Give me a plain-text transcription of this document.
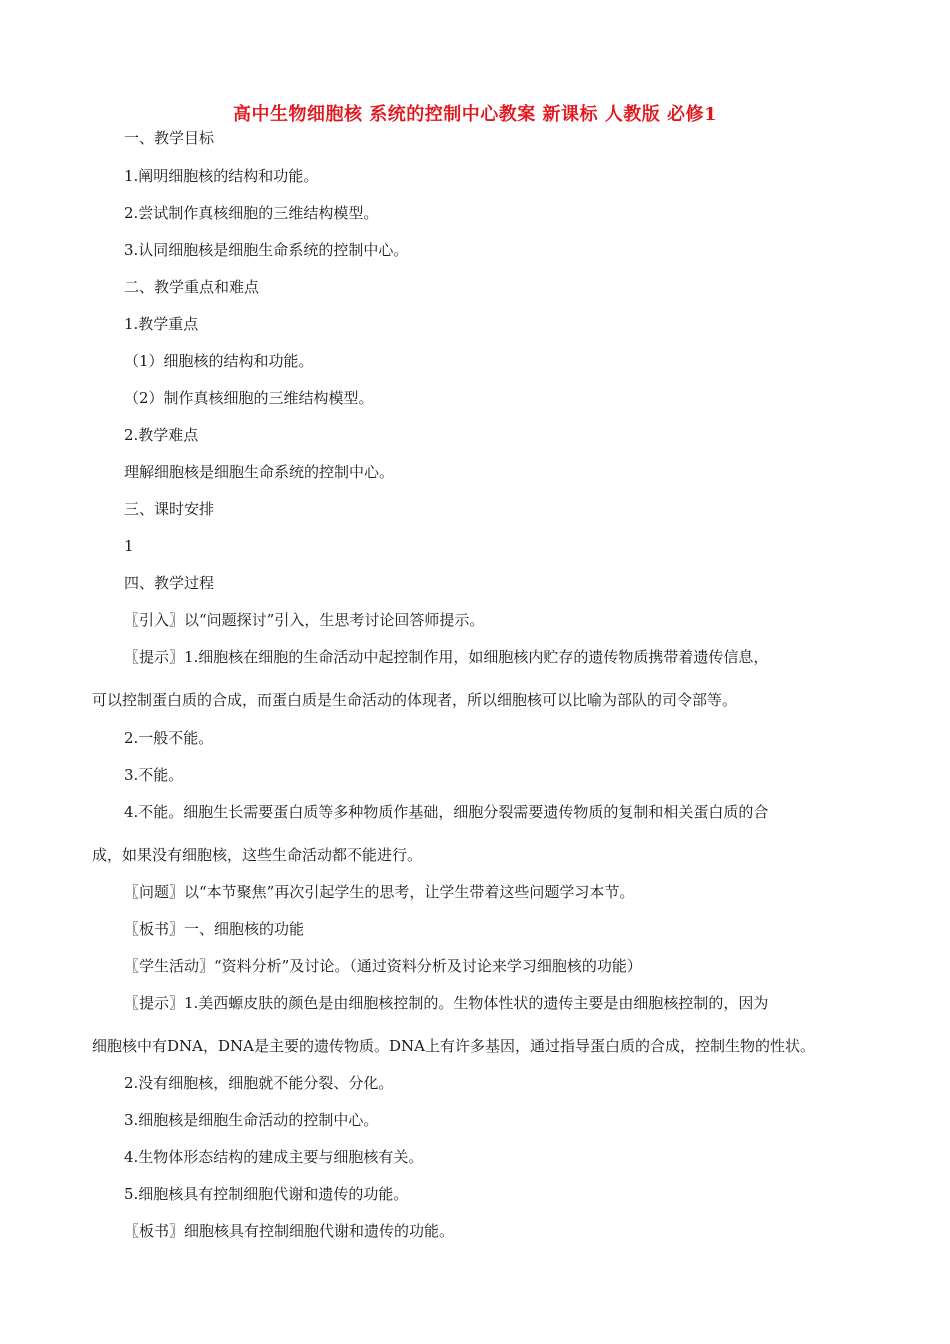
高中生物细胞核 系统的控制中心教案 新课标 人教版 必修1
一、教学目标
1.阐明细胞核的结构和功能。
2.尝试制作真核细胞的三维结构模型。
3.认同细胞核是细胞生命系统的控制中心。
二、教学重点和难点
1.教学重点
（1）细胞核的结构和功能。
（2）制作真核细胞的三维结构模型。
2.教学难点
理解细胞核是细胞生命系统的控制中心。
三、课时安排
1
四、教学过程
〖引入〗以“问题探讨”引入，生思考讨论回答师提示。
〖提示〗1.细胞核在细胞的生命活动中起控制作用，如细胞核内贮存的遗传物质携带着遗传信息，
可以控制蛋白质的合成，而蛋白质是生命活动的体现者，所以细胞核可以比喻为部队的司令部等。
2.一般不能。
3.不能。
4.不能。细胞生长需要蛋白质等多种物质作基础，细胞分裂需要遗传物质的复制和相关蛋白质的合
成，如果没有细胞核，这些生命活动都不能进行。
〖问题〗以“本节聚焦”再次引起学生的思考，让学生带着这些问题学习本节。
〖板书〗一、细胞核的功能
〖学生活动〗“资料分析”及讨论。（通过资料分析及讨论来学习细胞核的功能）
〖提示〗1.美西螈皮肤的颜色是由细胞核控制的。生物体性状的遗传主要是由细胞核控制的，因为
细胞核中有DNA，DNA是主要的遗传物质。DNA上有许多基因，通过指导蛋白质的合成，控制生物的性状。
2.没有细胞核，细胞就不能分裂、分化。
3.细胞核是细胞生命活动的控制中心。
4.生物体形态结构的建成主要与细胞核有关。
5.细胞核具有控制细胞代谢和遗传的功能。
〖板书〗细胞核具有控制细胞代谢和遗传的功能。
